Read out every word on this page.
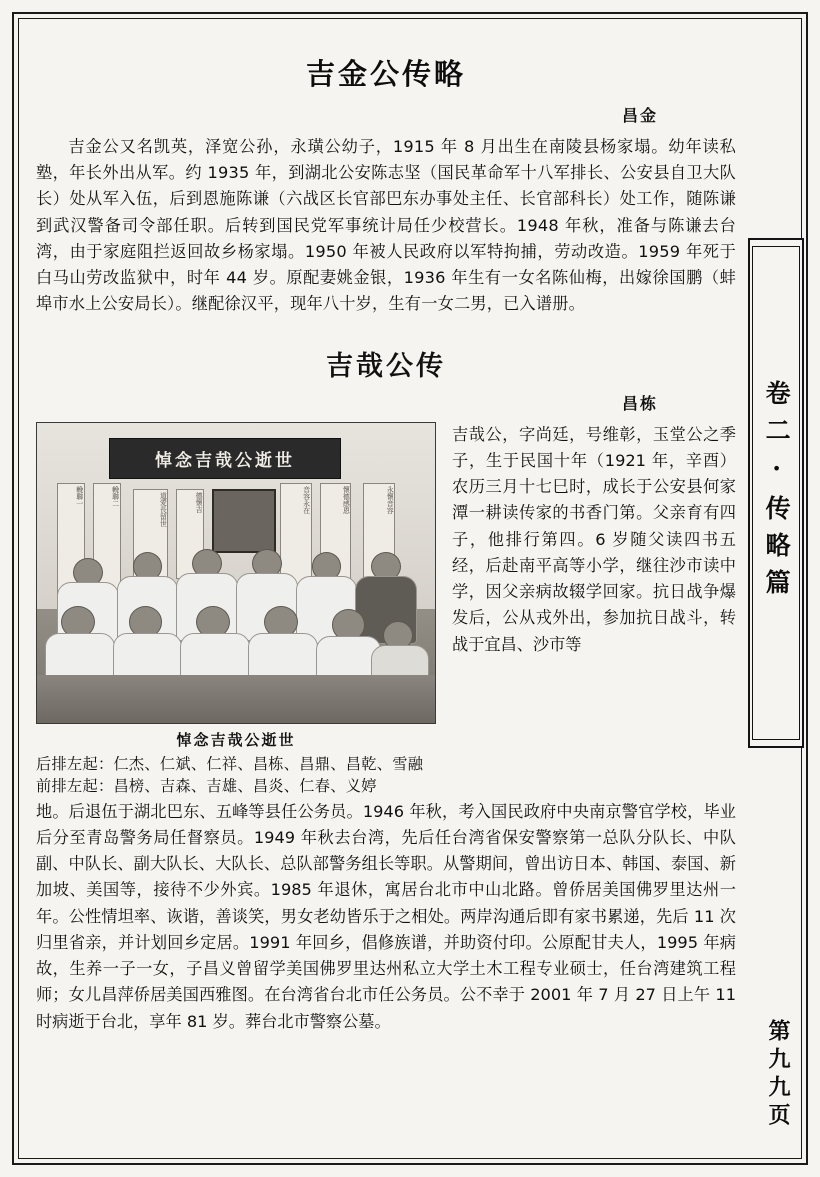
吉金公传略
昌金

吉金公又名凯英，泽宽公孙，永璜公幼子，1915 年 8 月出生在南陵县杨家塌。幼年读私塾，年长外出从军。约 1935 年，到湖北公安陈志坚（国民革命军十八军排长、公安县自卫大队长）处从军入伍，后到恩施陈谦（六战区长官部巴东办事处主任、长官部科长）处工作，随陈谦到武汉警备司令部任职。后转到国民党军事统计局任少校营长。1948 年秋，准备与陈谦去台湾，由于家庭阻拦返回故乡杨家塌。1950 年被人民政府以军特拘捕，劳动改造。1959 年死于白马山劳改监狱中，时年 44 岁。原配妻姚金银，1936 年生有一女名陈仙梅，出嫁徐国鹏（蚌埠市水上公安局长）。继配徐汉平，现年八十岁，生有一女二男，已入谱册。

吉哉公传
昌栋
悼念吉哉公逝世
輓聯一	輓聯二	道愛長留世	德懷吉	音容永在	懷德感恩	永懷音容
悼念吉哉公逝世
后排左起：仁杰、仁斌、仁祥、昌栋、昌鼎、昌乾、雪融
前排左起：昌榜、吉森、吉雄、昌炎、仁春、义婷
吉哉公，字尚廷，号维彰，玉堂公之季子，生于民国十年（1921 年，辛酉）农历三月十七巳时，成长于公安县何家潭一耕读传家的书香门第。父亲育有四子，他排行第四。6 岁随父读四书五经，后赴南平高等小学，继往沙市读中学，因父亲病故辍学回家。抗日战争爆发后，公从戎外出，参加抗日战斗，转战于宜昌、沙市等

地。后退伍于湖北巴东、五峰等县任公务员。1946 年秋，考入国民政府中央南京警官学校，毕业后分至青岛警务局任督察员。1949 年秋去台湾，先后任台湾省保安警察第一总队分队长、中队副、中队长、副大队长、大队长、总队部警务组长等职。从警期间，曾出访日本、韩国、泰国、新加坡、美国等，接待不少外宾。1985 年退休，寓居台北市中山北路。曾侨居美国佛罗里达州一年。公性情坦率、诙谐，善谈笑，男女老幼皆乐于之相处。两岸沟通后即有家书累递，先后 11 次归里省亲，并计划回乡定居。1991 年回乡，倡修族谱，并助资付印。公原配甘夫人，1995 年病故，生养一子一女，子昌义曾留学美国佛罗里达州私立大学土木工程专业硕士，任台湾建筑工程师；女儿昌萍侨居美国西雅图。在台湾省台北市任公务员。公不幸于 2001 年 7 月 27 日上午 11 时病逝于台北，享年 81 岁。葬台北市警察公墓。

卷二·传略篇
第九九页
